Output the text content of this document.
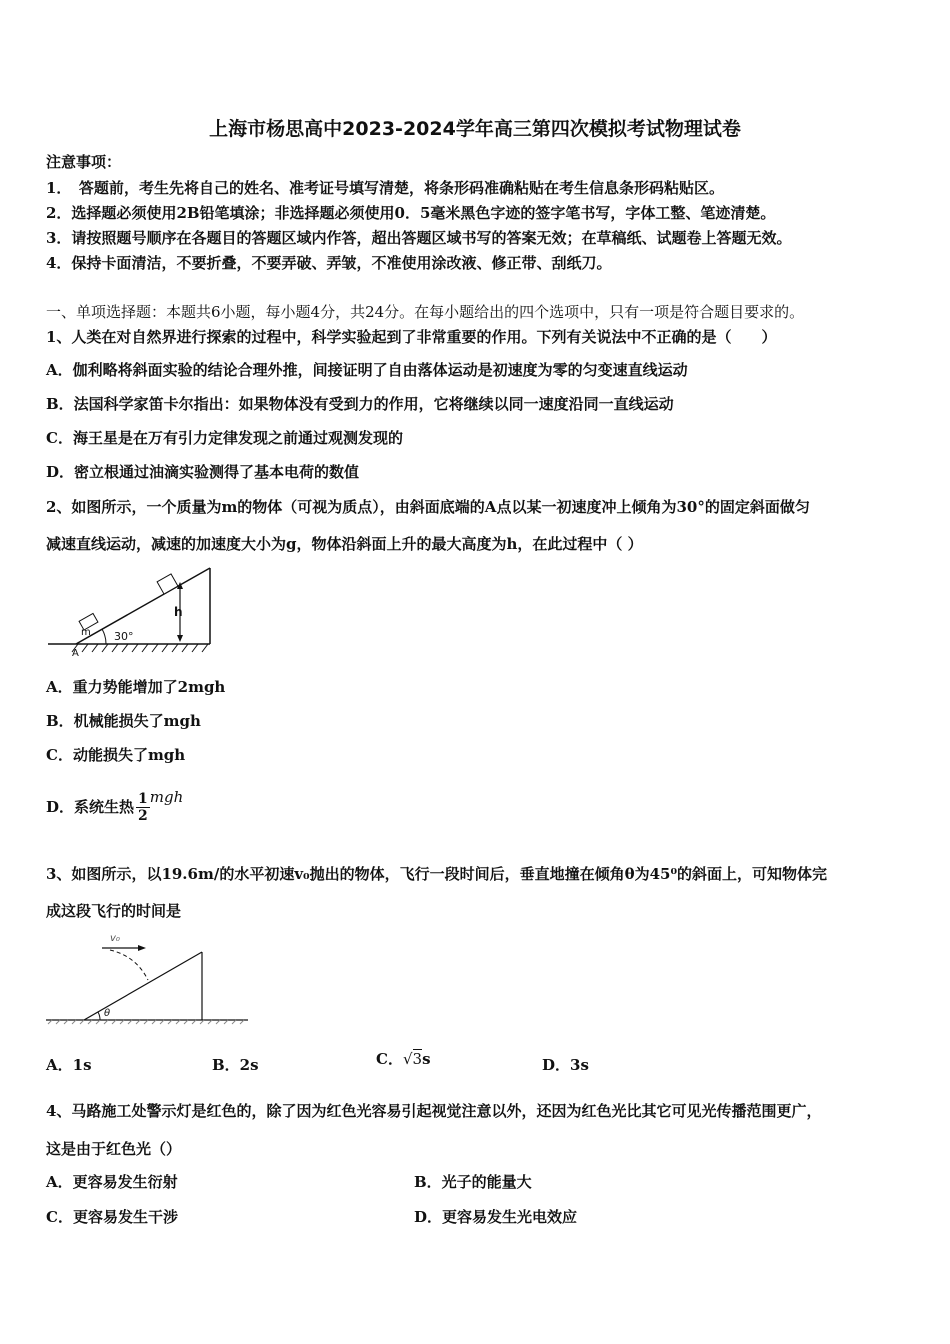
上海市杨思高中2023-2024学年高三第四次模拟考试物理试卷
注意事项：
1．　答题前，考生先将自己的姓名、准考证号填写清楚，将条形码准确粘贴在考生信息条形码粘贴区。
2．选择题必须使用2B铅笔填涂；非选择题必须使用0．5毫米黑色字迹的签字笔书写，字体工整、笔迹清楚。
3．请按照题号顺序在各题目的答题区域内作答，超出答题区域书写的答案无效；在草稿纸、试题卷上答题无效。
4．保持卡面清洁，不要折叠，不要弄破、弄皱，不准使用涂改液、修正带、刮纸刀。
一、单项选择题：本题共6小题，每小题4分，共24分。在每小题给出的四个选项中，只有一项是符合题目要求的。
1、人类在对自然界进行探索的过程中，科学实验起到了非常重要的作用。下列有关说法中不正确的是（　　）
A．伽利略将斜面实验的结论合理外推，间接证明了自由落体运动是初速度为零的匀变速直线运动
B．法国科学家笛卡尔指出：如果物体没有受到力的作用，它将继续以同一速度沿同一直线运动
C．海王星是在万有引力定律发现之前通过观测发现的
D．密立根通过油滴实验测得了基本电荷的数值
2、如图所示，一个质量为m的物体（可视为质点），由斜面底端的A点以某一初速度冲上倾角为30°的固定斜面做匀
减速直线运动，减速的加速度大小为g，物体沿斜面上升的最大高度为h，在此过程中（ ）
m
h
30°
A
A．重力势能增加了2mgh
B．机械能损失了mgh
C．动能损失了mgh
D．系统生热 $\frac{1}{2}$ mgh
3、如图所示，以19.6m/的水平初速v₀抛出的物体，飞行一段时间后，垂直地撞在倾角θ为45⁰的斜面上，可知物体完
成这段飞行的时间是
v₀
θ
A．1s	B．2s	C．√3s	D．3s
4、马路施工处警示灯是红色的，除了因为红色光容易引起视觉注意以外，还因为红色光比其它可见光传播范围更广，
这是由于红色光（）
A．更容易发生衍射	B．光子的能量大
C．更容易发生干涉	D．更容易发生光电效应
